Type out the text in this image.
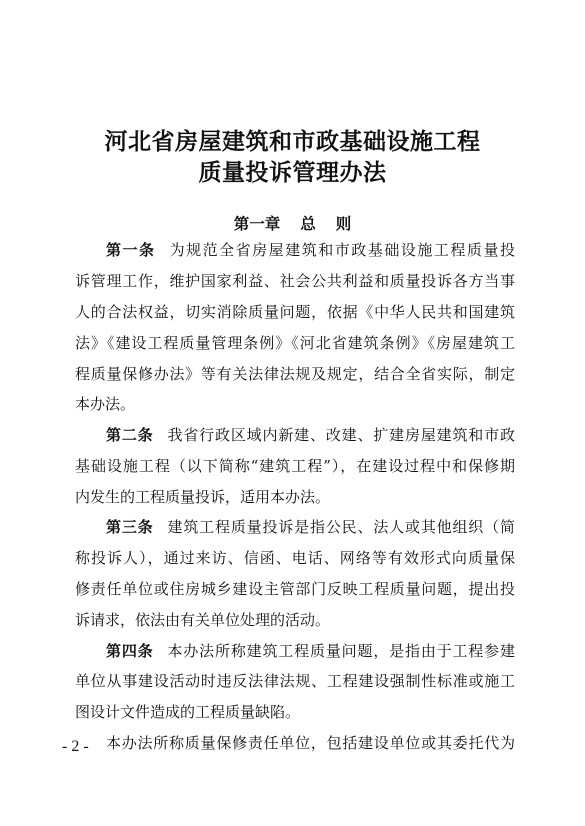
河北省房屋建筑和市政基础设施工程
质量投诉管理办法
第一章 总 则
第一条 为规范全省房屋建筑和市政基础设施工程质量投
诉管理工作，维护国家利益、社会公共利益和质量投诉各方当事
人的合法权益，切实消除质量问题，依据《中华人民共和国建筑
法》《建设工程质量管理条例》《河北省建筑条例》《房屋建筑工
程质量保修办法》等有关法律法规及规定，结合全省实际，制定
本办法。
第二条 我省行政区域内新建、改建、扩建房屋建筑和市政
基础设施工程（以下简称“建筑工程”），在建设过程中和保修期
内发生的工程质量投诉，适用本办法。
第三条 建筑工程质量投诉是指公民、法人或其他组织（简
称投诉人），通过来访、信函、电话、网络等有效形式向质量保
修责任单位或住房城乡建设主管部门反映工程质量问题，提出投
诉请求，依法由有关单位处理的活动。
第四条 本办法所称建筑工程质量问题，是指由于工程参建
单位从事建设活动时违反法律法规、工程建设强制性标准或施工
图设计文件造成的工程质量缺陷。
本办法所称质量保修责任单位，包括建设单位或其委托代为
- 2 -
